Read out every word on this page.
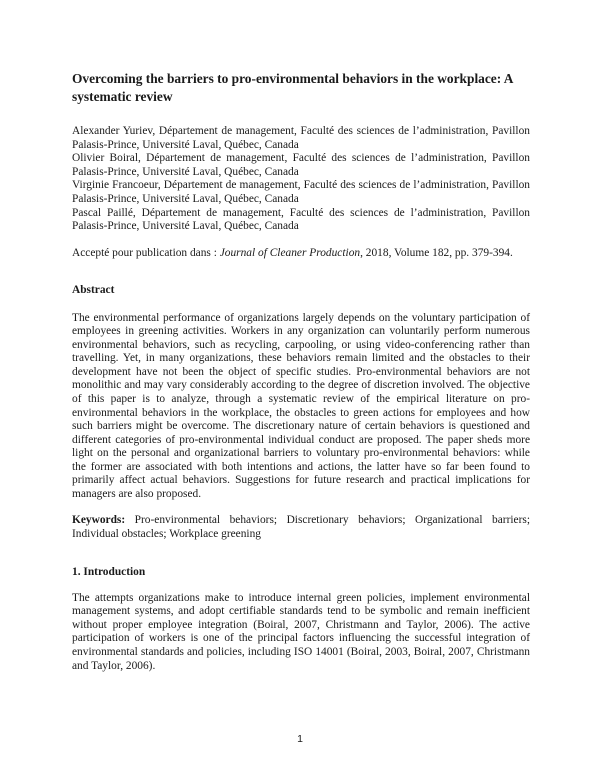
Overcoming the barriers to pro-environmental behaviors in the workplace: A systematic review

Alexander Yuriev, Département de management, Faculté des sciences de l’administration, Pavillon Palasis-Prince, Université Laval, Québec, Canada

Olivier Boiral, Département de management, Faculté des sciences de l’administration, Pavillon Palasis-Prince, Université Laval, Québec, Canada

Virginie Francoeur, Département de management, Faculté des sciences de l’administration, Pavillon Palasis-Prince, Université Laval, Québec, Canada

Pascal Paillé, Département de management, Faculté des sciences de l’administration, Pavillon Palasis-Prince, Université Laval, Québec, Canada

Accepté pour publication dans : Journal of Cleaner Production, 2018, Volume 182, pp. 379-394.

Abstract

The environmental performance of organizations largely depends on the voluntary participation of employees in greening activities. Workers in any organization can voluntarily perform numerous environmental behaviors, such as recycling, carpooling, or using video-conferencing rather than travelling. Yet, in many organizations, these behaviors remain limited and the obstacles to their development have not been the object of specific studies. Pro-environmental behaviors are not monolithic and may vary considerably according to the degree of discretion involved. The objective of this paper is to analyze, through a systematic review of the empirical literature on pro-environmental behaviors in the workplace, the obstacles to green actions for employees and how such barriers might be overcome. The discretionary nature of certain behaviors is questioned and different categories of pro-environmental individual conduct are proposed. The paper sheds more light on the personal and organizational barriers to voluntary pro-environmental behaviors: while the former are associated with both intentions and actions, the latter have so far been found to primarily affect actual behaviors. Suggestions for future research and practical implications for managers are also proposed.

Keywords: Pro-environmental behaviors; Discretionary behaviors; Organizational barriers; Individual obstacles; Workplace greening

1. Introduction

The attempts organizations make to introduce internal green policies, implement environmental management systems, and adopt certifiable standards tend to be symbolic and remain inefficient without proper employee integration (Boiral, 2007, Christmann and Taylor, 2006). The active participation of workers is one of the principal factors influencing the successful integration of environmental standards and policies, including ISO 14001 (Boiral, 2003, Boiral, 2007, Christmann and Taylor, 2006).

1
